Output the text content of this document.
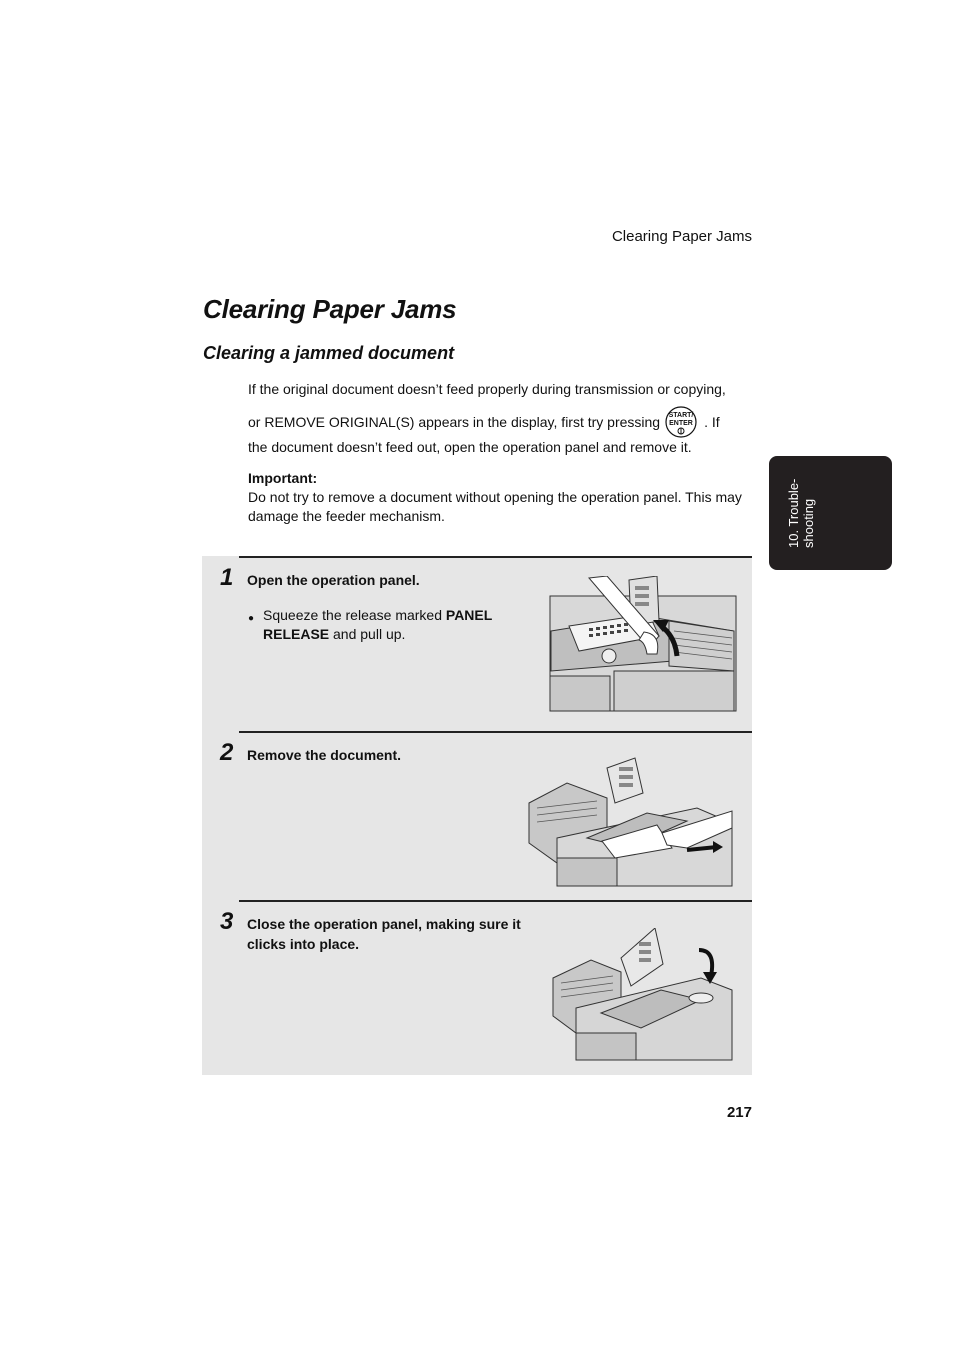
Clearing Paper Jams
Clearing Paper Jams
Clearing a jammed document

If the original document doesn’t feed properly during transmission or copying,

or REMOVE ORIGINAL(S) appears in the display, first try pressing START/
ENTER . If

the document doesn’t feed out, open the operation panel and remove it.

Important:
Do not try to remove a document without opening the operation panel. This may damage the feeder mechanism.	10. Trouble- shooting
1 Open the operation panel.
● Squeeze the release marked PANEL RELEASE and pull up.
2 Remove the document.
3 Close the operation panel, making sure it clicks into place.
217
